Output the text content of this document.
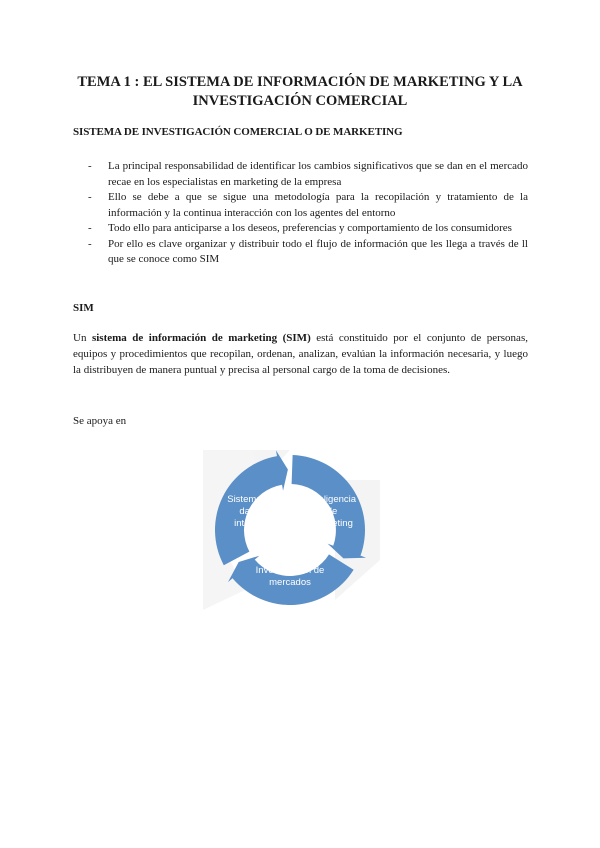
TEMA 1 : EL SISTEMA DE INFORMACIÓN DE MARKETING Y LA
INVESTIGACIÓN COMERCIAL
SISTEMA DE INVESTIGACIÓN COMERCIAL O DE MARKETING
- La principal responsabilidad de identificar los cambios significativos que se dan en el mercado recae en los especialistas en marketing de la empresa
- Ello se debe a que se sigue una metodología para la recopilación y tratamiento de la información y la continua interacción con los agentes del entorno
- Todo ello para anticiparse a los deseos, preferencias y comportamiento de los consumidores
- Por ello es clave organizar y distribuir todo el flujo de información que les llega a través de ll que se conoce como SIM
SIM

Un sistema de información de marketing (SIM) está constituido por el conjunto de personas, equipos y procedimientos que recopilan, ordenan, analizan, evalúan la información necesaria, y luego la distribuyen de manera puntual y precisa al personal cargo de la toma de decisiones.

Se apoya en
Sistema de
datos
internos
Inteligencia
de
Marketing
Investigación de
mercados
